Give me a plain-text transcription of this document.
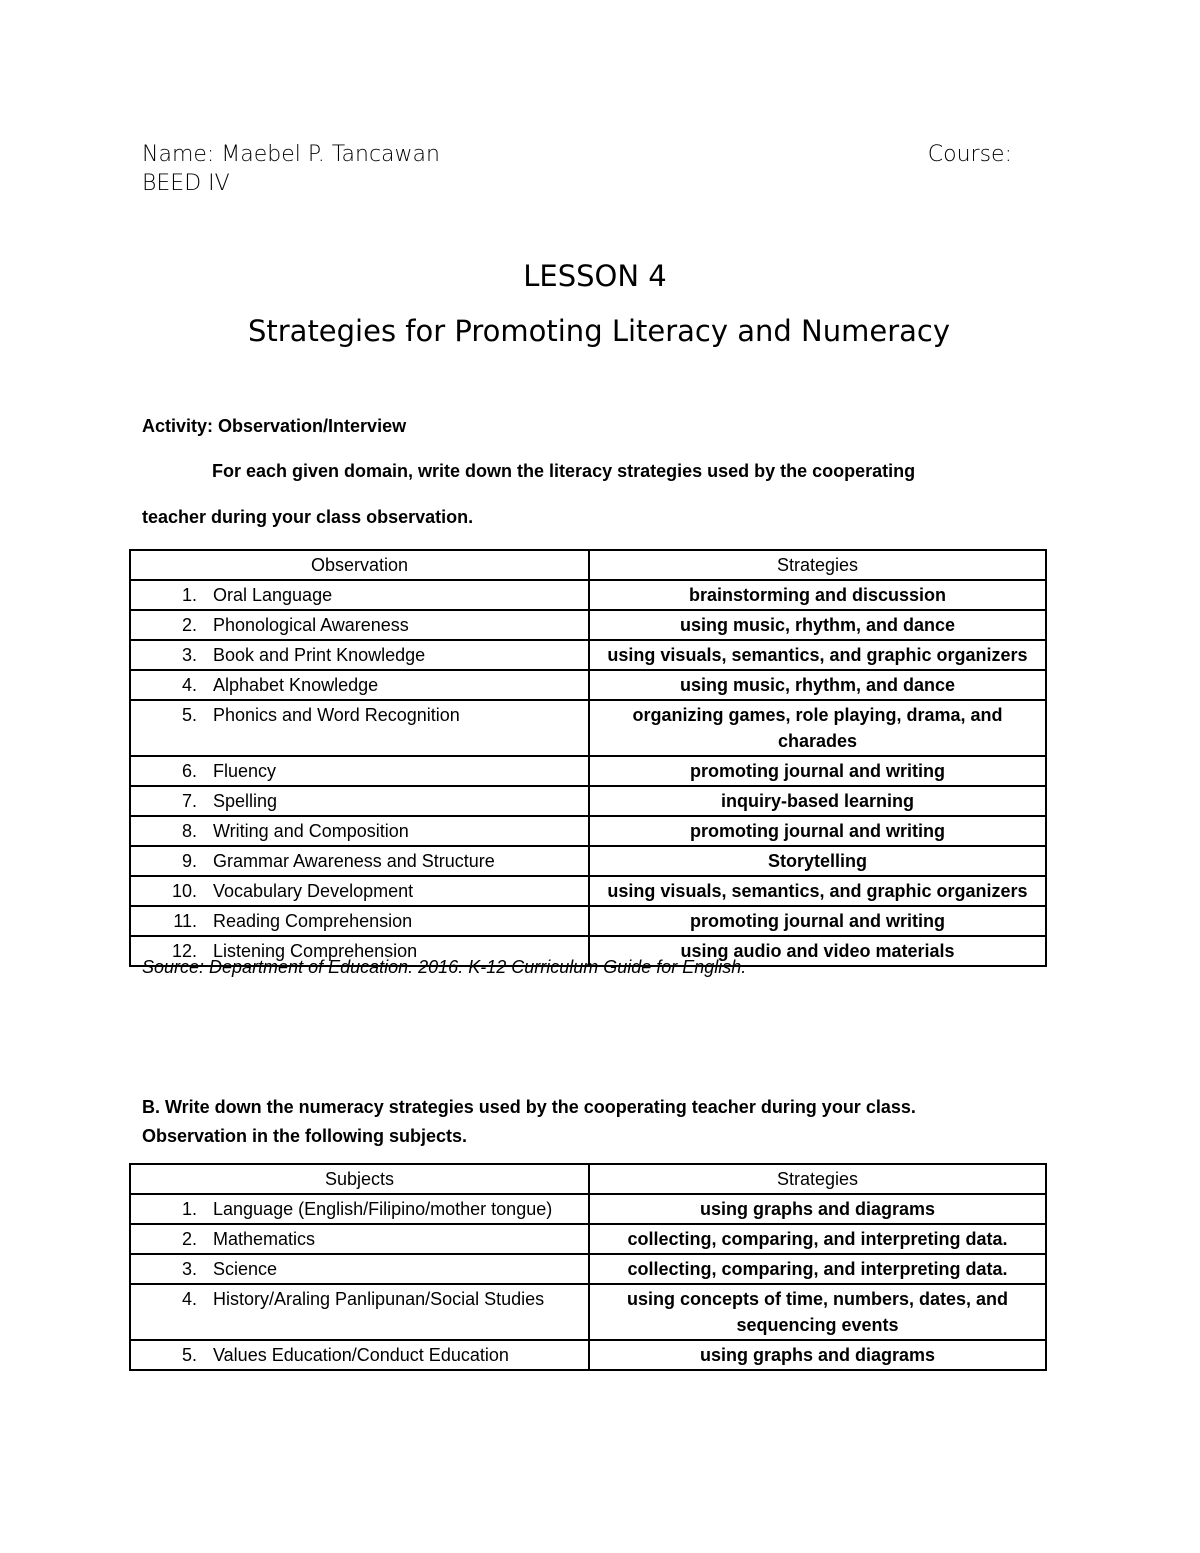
Name: Maebel P. Tancawan	Course:
BEED IV
LESSON 4
Strategies for Promoting Literacy and Numeracy
Activity: Observation/Interview
For each given domain, write down the literacy strategies used by the cooperating
teacher during your class observation.
Observation	Strategies
1. Oral Language	brainstorming and discussion
2. Phonological Awareness	using music, rhythm, and dance
3. Book and Print Knowledge	using visuals, semantics, and graphic organizers
4. Alphabet Knowledge	using music, rhythm, and dance
5. Phonics and Word Recognition	organizing games, role playing, drama, and charades
6. Fluency	promoting journal and writing
7. Spelling	inquiry-based learning
8. Writing and Composition	promoting journal and writing
9. Grammar Awareness and Structure	Storytelling
10. Vocabulary Development	using visuals, semantics, and graphic organizers
11. Reading Comprehension	promoting journal and writing
12. Listening Comprehension	using audio and video materials
Source: Department of Education. 2016. K-12 Curriculum Guide for English.
B. Write down the numeracy strategies used by the cooperating teacher during your class.
Observation in the following subjects.
Subjects	Strategies
1. Language (English/Filipino/mother tongue)	using graphs and diagrams
2. Mathematics	collecting, comparing, and interpreting data.
3. Science	collecting, comparing, and interpreting data.
4. History/Araling Panlipunan/Social Studies	using concepts of time, numbers, dates, and sequencing events
5. Values Education/Conduct Education	using graphs and diagrams
